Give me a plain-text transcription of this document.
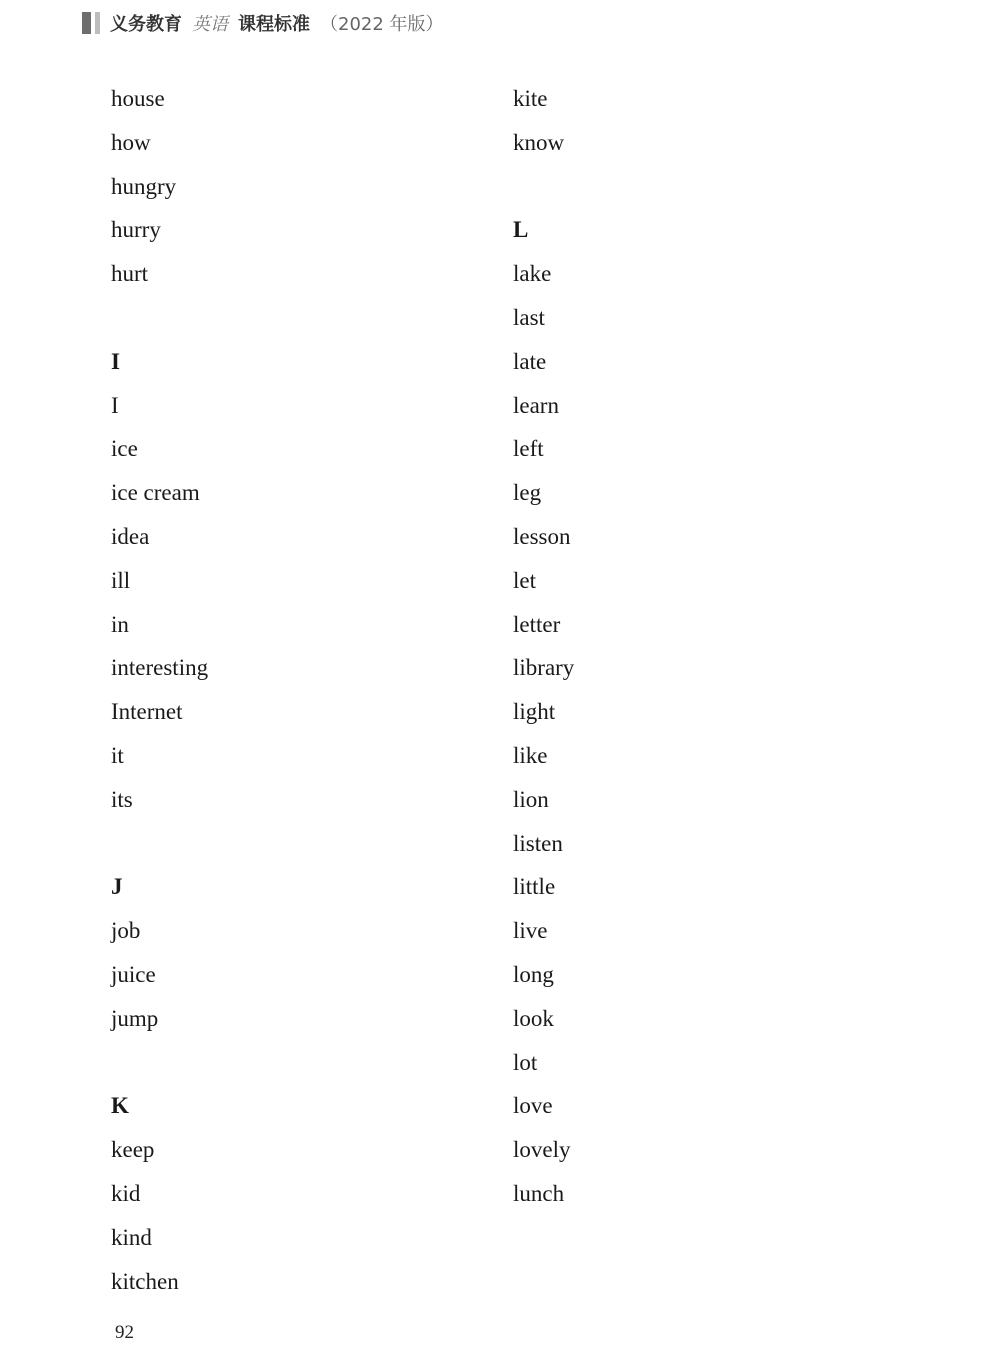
义务教育 英语 课程标准 （2022 年版）
house
how
hungry
hurry
hurt
I
I
ice
ice cream
idea
ill
in
interesting
Internet
it
its
J
job
juice
jump
K
keep
kid
kind
kitchen
kite
know
L
lake
last
late
learn
left
leg
lesson
let
letter
library
light
like
lion
listen
little
live
long
look
lot
love
lovely
lunch
92
